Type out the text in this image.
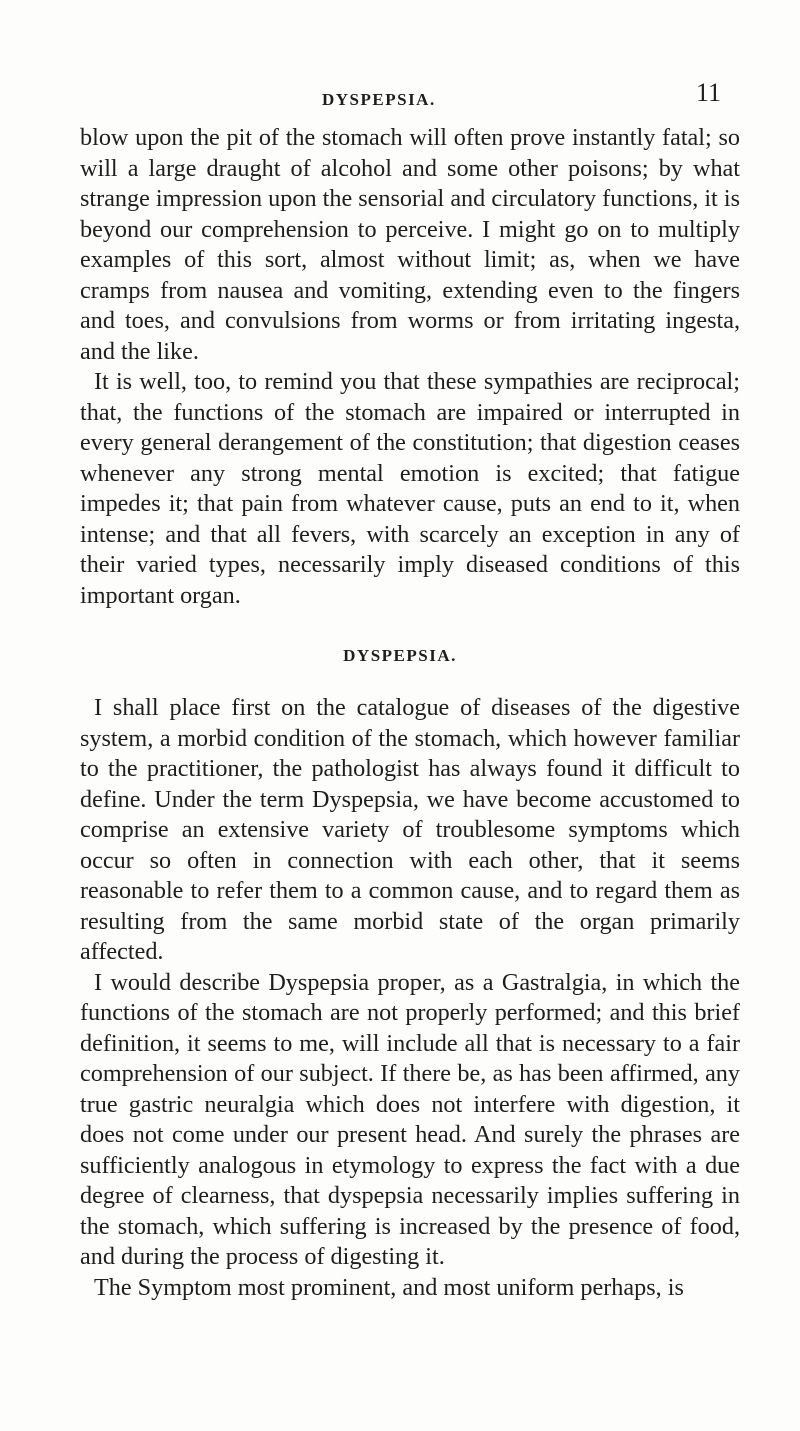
DYSPEPSIA.	11

blow upon the pit of the stomach will often prove instantly fatal; so will a large draught of alcohol and some other poisons; by what strange impression upon the sensorial and circulatory functions, it is beyond our comprehension to perceive. I might go on to multiply examples of this sort, almost without limit; as, when we have cramps from nausea and vomiting, extending even to the fingers and toes, and convulsions from worms or from irritating ingesta, and the like.

It is well, too, to remind you that these sympathies are reciprocal; that, the functions of the stomach are impaired or interrupted in every general derangement of the constitution; that digestion ceases whenever any strong mental emotion is excited; that fatigue impedes it; that pain from whatever cause, puts an end to it, when intense; and that all fevers, with scarcely an exception in any of their varied types, necessarily imply diseased conditions of this important organ.

DYSPEPSIA.

I shall place first on the catalogue of diseases of the digestive system, a morbid condition of the stomach, which however familiar to the practitioner, the pathologist has always found it difficult to define. Under the term Dyspepsia, we have become accustomed to comprise an extensive variety of troublesome symptoms which occur so often in connection with each other, that it seems reasonable to refer them to a common cause, and to regard them as resulting from the same morbid state of the organ primarily affected.

I would describe Dyspepsia proper, as a Gastralgia, in which the functions of the stomach are not properly performed; and this brief definition, it seems to me, will include all that is necessary to a fair comprehension of our subject. If there be, as has been affirmed, any true gastric neuralgia which does not interfere with digestion, it does not come under our present head. And surely the phrases are sufficiently analogous in etymology to express the fact with a due degree of clearness, that dyspepsia necessarily implies suffering in the stomach, which suffering is increased by the presence of food, and during the process of digesting it.

The Symptom most prominent, and most uniform perhaps, is
